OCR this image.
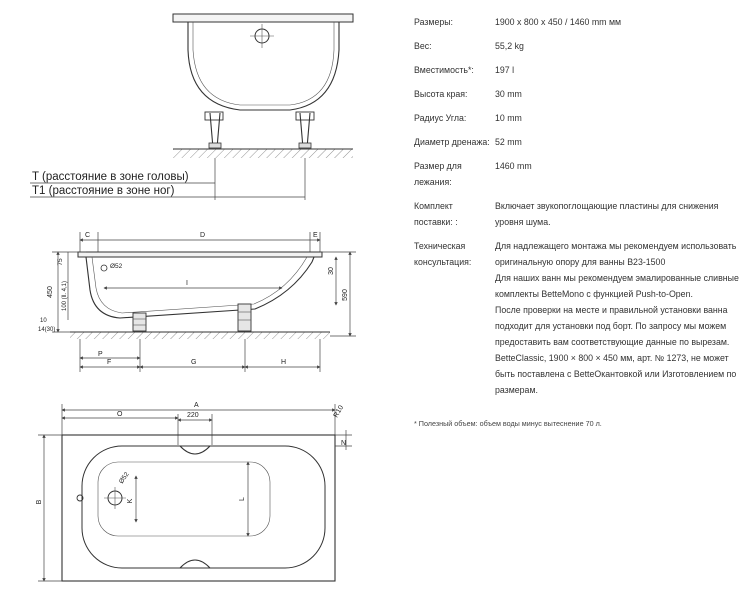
T (расстояние в зоне головы)
T1 (расстояние в зоне ног)
C	D	E
Ø52
I
75
450 100 (ll. 4,1)
10
14(30)
30
590
P
F	G	H
A
O	220	R10
N
B
Ø52
K	L
Размеры:	1900 x 800 x 450 / 1460 mm мм

Вес:	55,2 kg

Вместимость*:	197 l

Высота края:	30 mm

Радиус Угла:	10 mm

Диаметр дренажа: 52 mm

Размер для лежания:

1460 mm

Комплект поставки: :

Включает звукопоглощающие пластины для снижения уровня шума.

Техническая консультация:

Для надлежащего монтажа мы рекомендуем использовать оригинальную опору для ванны B23-1500

Для наших ванн мы рекомендуем эмалированные сливные комплекты BetteMono с функцией Push-to-Open.

После проверки на месте и правильной установки ванна подходит для установки под борт. По запросу мы можем предоставить вам соответствующие данные по вырезам.

BetteClassic, 1900 × 800 × 450 мм, арт. № 1273, не может быть поставлена с BetteОкантовкой или Изготовлением по размерам.

* Полезный объем: объем воды минус вытеснение 70 л.
